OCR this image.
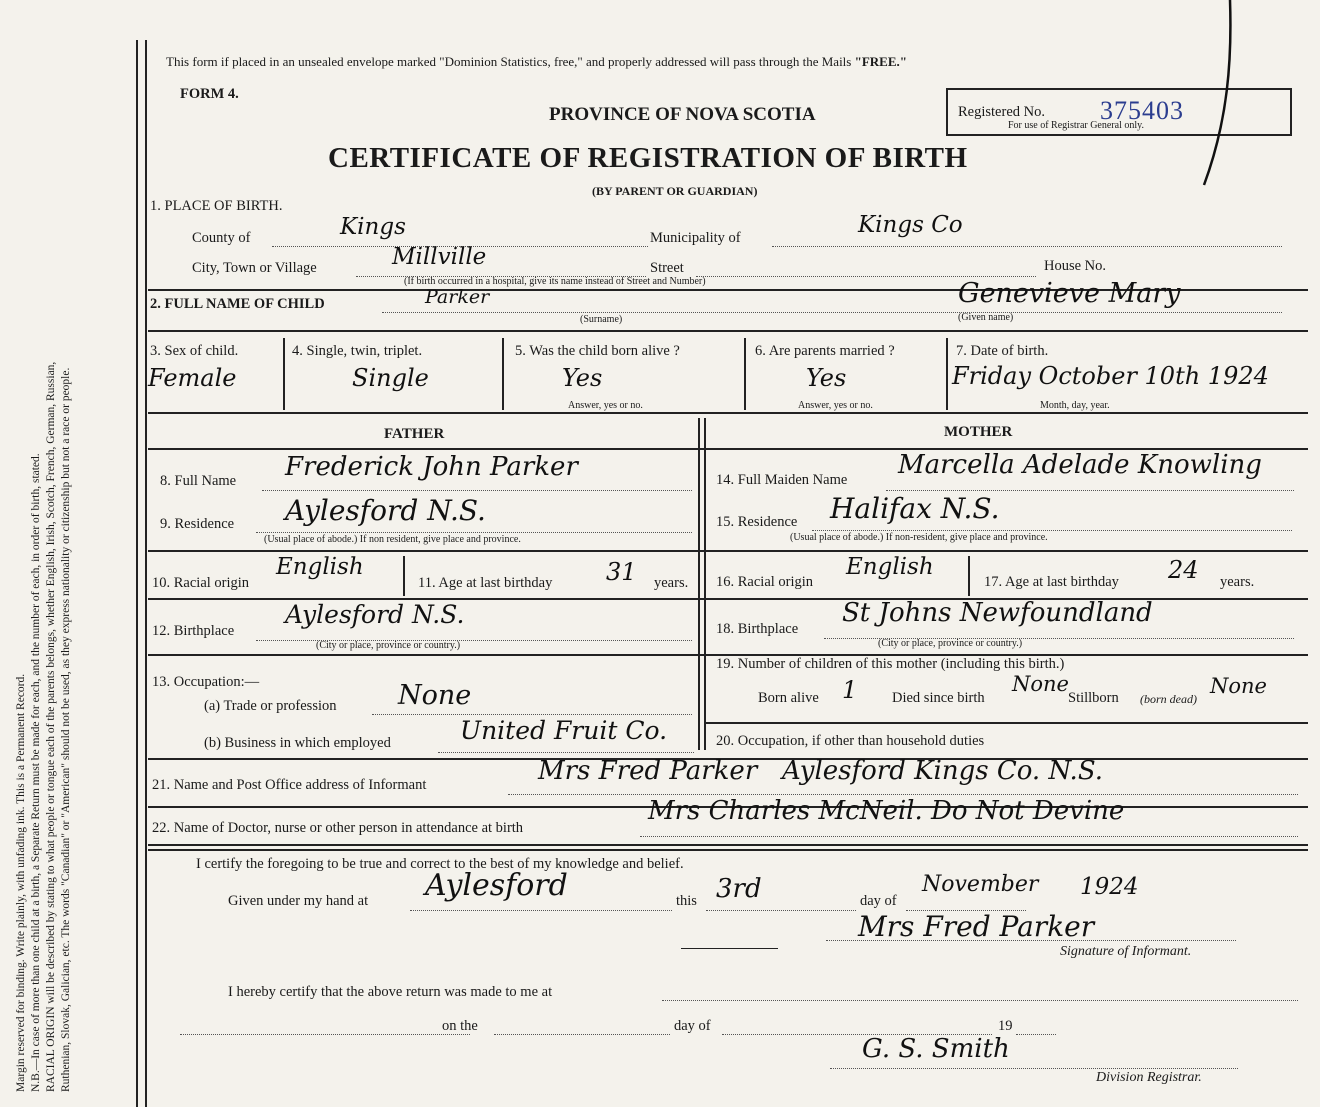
Margin reserved for binding. Write plainly, with unfading ink. This is a Permanent Record. N.B.—In case of more than one child at a birth, a Separate Return must be made for each, and the number of each, in order of birth, stated. RACIAL ORIGIN will be described by stating to what people or tongue each of the parents belongs, whether English, Irish, Scotch, French, German, Russian, Ruthenian, Slovak, Galician, etc. The words "Canadian" or "American" should not be used, as they express nationality or citizenship but not a race or people.
This form if placed in an unsealed envelope marked "Dominion Statistics, free," and properly addressed will pass through the Mails "FREE."
FORM 4.
PROVINCE OF NOVA SCOTIA	Registered No. 375403
For use of Registrar General only.
CERTIFICATE OF REGISTRATION OF BIRTH
(BY PARENT OR GUARDIAN)
1. PLACE OF BIRTH.
County of	Kings	Municipality of	Kings Co
City, Town or Village	Millville	Street	House No.
(If birth occurred in a hospital, give its name instead of Street and Number)
2. FULL NAME OF CHILD	Parker	Genevieve Mary
(Surname)	(Given name)
3. Sex of child.
Female
4. Single, twin, triplet.
Single
5. Was the child born alive ?
Yes
Answer, yes or no.
6. Are parents married ?
Yes
Answer, yes or no.
7. Date of birth.
Friday October 10th 1924
Month, day, year.
FATHER	MOTHER
8. Full Name Frederick John Parker	14. Full Maiden Name Marcella Adelade Knowling
9. Residence Aylesford N.S.
(Usual place of abode.) If non resident, give place and province.
15. Residence Halifax N.S.
(Usual place of abode.) If non-resident, give place and province.
10. Racial origin
English
11. Age at last birthday 31 years. 16. Racial origin
English
17. Age at last birthday 24 years.
12. Birthplace
Aylesford N.S.
(City or place, province or country.)
18. Birthplace
St Johns Newfoundland
(City or place, province or country.)
13. Occupation:—
(a) Trade or profession None
(b) Business in which employed	United Fruit Co.
19. Number of children of this mother (including this birth.)
Born alive 1 Died since birth
None
Stillborn (born dead)
None
20. Occupation, if other than household duties
21. Name and Post Office address of Informant	Mrs Fred Parker   Aylesford Kings Co. N.S.
22. Name of Doctor, nurse or other person in attendance at birth
Mrs Charles McNeil. Do Not Devine
I certify the foregoing to be true and correct to the best of my knowledge and belief.
Given under my hand at Aylesford	this 3rd	day of
November 1924
Mrs Fred Parker
Signature of Informant.
I hereby certify that the above return was made to me at
on the	day of	19
G. S. Smith
Division Registrar.
